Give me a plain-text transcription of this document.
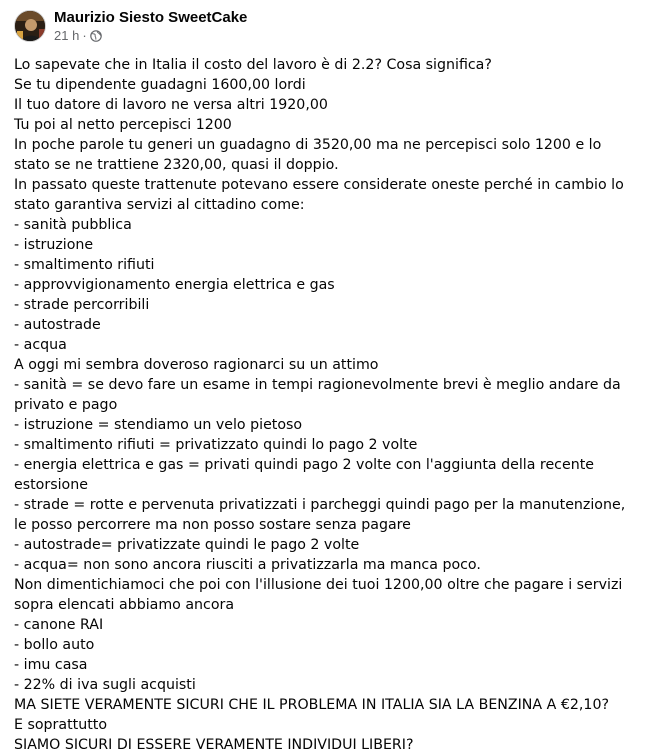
Maurizio Siesto SweetCake
21 h ·

Lo sapevate che in Italia il costo del lavoro è di 2.2? Cosa significa?

Se tu dipendente guadagni 1600,00 lordi

Il tuo datore di lavoro ne versa altri 1920,00

Tu poi al netto percepisci 1200

In poche parole tu generi un guadagno di 3520,00 ma ne percepisci solo 1200 e lo stato se ne trattiene 2320,00, quasi il doppio.

In passato queste trattenute potevano essere considerate oneste perché in cambio lo stato garantiva servizi al cittadino come:

- sanità pubblica

- istruzione

- smaltimento rifiuti

- approvvigionamento energia elettrica e gas

- strade percorribili

- autostrade

- acqua

A oggi mi sembra doveroso ragionarci su un attimo

- sanità = se devo fare un esame in tempi ragionevolmente brevi è meglio andare da privato e pago

- istruzione = stendiamo un velo pietoso

- smaltimento rifiuti = privatizzato quindi lo pago 2 volte

- energia elettrica e gas = privati quindi pago 2 volte con l'aggiunta della recente estorsione

- strade = rotte e pervenuta privatizzati i parcheggi quindi pago per la manutenzione, le posso percorrere ma non posso sostare senza pagare

- autostrade= privatizzate quindi le pago 2 volte

- acqua= non sono ancora riusciti a privatizzarla ma manca poco.

Non dimentichiamoci che poi con l'illusione dei tuoi 1200,00 oltre che pagare i servizi sopra elencati abbiamo ancora

- canone RAI

- bollo auto

- imu casa

- 22% di iva sugli acquisti

MA SIETE VERAMENTE SICURI CHE IL PROBLEMA IN ITALIA SIA LA BENZINA A €2,10?

E soprattutto

SIAMO SICURI DI ESSERE VERAMENTE INDIVIDUI LIBERI?
